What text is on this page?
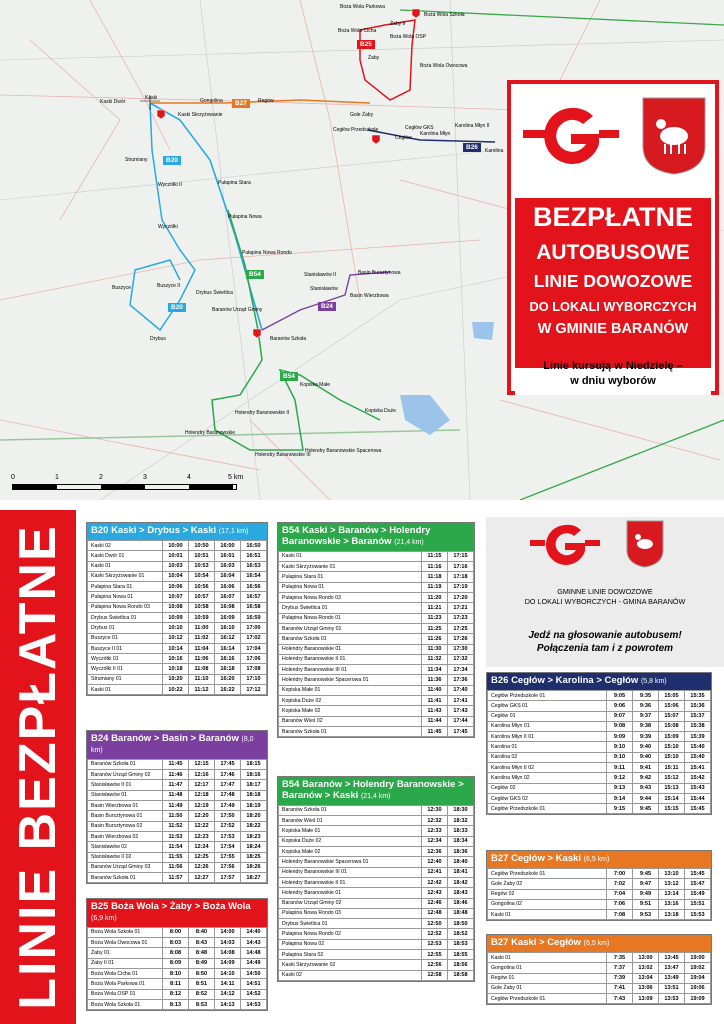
B20
B20	B24
B25
B26
B27
B54
B54
Boża Wola Parkowa
Boża Wola Szkoła
Boża Wola Cicha
Żaby II
Boża Wola OSP
Żaby
Boża Wola Owocowa
Kaski Dwór
Kaski
Kaski Skrzyżowanie
Gongolina	Regów
Gole Żaby
Cegłów Przedszkole	Cegłów GKS
Cegłów
Karolina Młyn
Karolina Młyn II
Karolina
Strumiany
Wyczółki II	Pułapina Stara
Pułapina Nowa
Wyczółki
Pułapina Nowa Rondo
Buszyce	Buszyce II
Drybus Świetlica
Drybus
Baranów Urząd Gminy
Stanisławów II
Stanisławów
Basin Bursztynowa
Basin Wierzbowa
Baranów Szkoła
Kopiska Małe
Kopiska Duże
Holendry Baranowskie II
Holendry Baranowskie
Holendry Baranowskie III
Holendry Baranowskie Spacerowa
0	1	2	3	4	5 km
BEZPŁATNE
AUTOBUSOWE
LINIE DOWOZOWE
DO LOKALI WYBORCZYCH
W GMINIE BARANÓW
Linie kursują w Niedzielę –
w dniu wyborów
LINIE BEZPŁATNE	GMINNE LINIE DOWOZOWE
DO LOKALI WYBORCZYCH - GMINA BARANÓW
Jedź na głosowanie autobusem!
Połączenia tam i z powrotem
B20 Kaski > Drybus > Kaski (17,1 km)
Kaski 02	10:00	10:50	16:00	16:50
Kaski Dwór 01	10:01	10:51	16:01	16:51
Kaski 01	10:03	10:53	16:03	16:53
Kaski Skrzyżowanie 01	10:04	10:54	16:04	16:54
Pułapina Stara 01	10:06	10:56	16:06	16:56
Pułapina Nowa 01	10:07	10:57	16:07	16:57
Pułapina Nowa Rondo 03	10:08	10:58	16:08	16:58
Drybus Świetlica 01	10:09	10:59	16:09	16:59
Drybus 01	10:10	11:00	16:10	17:00
Buszyce 01	10:12	11:02	16:12	17:02
Buszyce II 01	10:14	11:04	16:14	17:04
Wyczółki 01	10:16	11:06	16:16	17:06
Wyczółki II 01	10:18	11:08	16:18	17:08
Strumiany 01	10:20	11:10	16:20	17:10
Kaski 01	10:22	11:12	16:22	17:12
B24 Baranów > Basin > Baranów (8,0 km)
Baranów Szkoła 01	11:45	12:15	17:45	18:15
Baranów Urząd Gminy 02	11:46	12:16	17:46	18:16
Stanisławów II 01	11:47	12:17	17:47	18:17
Stanisławów 01	11:48	12:18	17:48	18:18
Basin Wierzbowa 01	11:49	12:19	17:49	18:19
Basin Bursztynowa 01	11:50	12:20	17:50	18:20
Basin Bursztynowa 02	11:52	12:22	17:52	18:22
Basin Wierzbowa 02	11:53	12:23	17:53	18:23
Stanisławów 02	11:54	12:24	17:54	18:24
Stanisławów II 02	11:55	12:25	17:55	18:25
Baranów Urząd Gminy 03	11:56	12:26	17:56	18:26
Baranów Szkoła 01	11:57	12:27	17:57	18:27
B25 Boża Wola > Żaby > Boża Wola (6,9 km)
Boża Wola Szkoła 01	8:00	8:40	14:00	14:40
Boża Wola Owocowa 01	8:03	8:43	14:03	14:43
Żaby 01	8:08	8:48	14:08	14:48
Żaby II 01	8:09	8:49	14:09	14:49
Boża Wola Cicha 01	8:10	8:50	14:10	14:50
Boża Wola Parkowa 01	8:11	8:51	14:11	14:51
Boża Wola OSP 01	8:12	8:52	14:12	14:52
Boża Wola Szkoła 01	8:13	8:53	14:13	14:53
B54 Kaski > Baranów > Holendry Baranowskie > Baranów (21,4 km)
Kaski 01	11:15	17:15
Kaski Skrzyżowanie 01	11:16	17:16
Pułapina Stara 01	11:18	17:18
Pułapina Nowa 01	11:19	17:19
Pułapina Nowa Rondo 03	11:20	17:20
Drybus Świetlica 01	11:21	17:21
Pułapina Nowa Rondo 01	11:23	17:23
Baranów Urząd Gminy 01	11:25	17:25
Baranów Szkoła 01	11:26	17:26
Holendry Baranowskie 01	11:30	17:30
Holendry Baranowskie II 01	11:32	17:32
Holendry Baranowskie III 01	11:34	17:34
Holendry Baranowskie Spacerowa 01	11:36	17:36
Kopiska Małe 01	11:40	17:40
Kopiska Duże 02	11:41	17:41
Kopiska Małe 02	11:43	17:43
Baranów Wieś 02	11:44	17:44
Baranów Szkoła 01	11:45	17:45
B54 Baranów > Holendry Baranowskie > Baranów > Kaski (21,4 km)
Baranów Szkoła 01	12:30	18:30
Baranów Wieś 01	12:32	18:32
Kopiska Małe 01	12:33	18:33
Kopiska Duże 02	12:34	18:34
Kopiska Małe 02	12:36	18:36
Holendry Baranowskie Spacerowa 01	12:40	18:40
Holendry Baranowskie III 01	12:41	18:41
Holendry Baranowskie II 01	12:42	18:42
Holendry Baranowskie 01	12:43	18:43
Baranów Urząd Gminy 02	12:46	18:46
Pułapina Nowa Rondo 03	12:48	18:48
Drybus Świetlica 01	12:50	18:50
Pułapina Nowa Rondo 02	12:52	18:52
Pułapina Nowa 02	12:53	18:53
Pułapina Stara 02	12:55	18:55
Kaski Skrzyżowanie 02	12:56	18:56
Kaski 02	12:58	18:58
B26 Cegłów > Karolina > Cegłów (5,8 km)
Cegłów Przedszkole 01	9:05	9:35	15:05	15:35
Cegłów GKS 01	9:06	9:36	15:06	15:36
Cegłów 01	9:07	9:37	15:07	15:37
Karolina Młyn 01	9:08	9:38	15:08	15:38
Karolina Młyn II 01	9:09	9:39	15:09	15:39
Karolina 01	9:10	9:40	15:10	15:40
Karolina 02	9:10	9:40	15:10	15:40
Karolina Młyn II 02	9:11	9:41	15:11	15:41
Karolina Młyn 02	9:12	9:42	15:12	15:42
Cegłów 02	9:13	9:43	15:13	15:43
Cegłów GKS 02	9:14	9:44	15:14	15:44
Cegłów Przedszkole 01	9:15	9:45	15:15	15:45
B27 Cegłów > Kaski (6,5 km)
Cegłów Przedszkole 01	7:00	9:45	13:10	15:45
Gole Żaby 02	7:02	9:47	13:12	15:47
Regów 02	7:04	9:49	13:14	15:49
Gongolina 02	7:06	9:51	13:16	15:51
Kaski 01	7:08	9:53	13:18	15:53
B27 Kaski > Cegłów (6,5 km)
Kaski 01	7:35	13:00	13:45	19:00
Gongolina 01	7:37	13:02	13:47	19:02
Regów 01	7:39	13:04	13:49	19:04
Gole Żaby 01	7:41	13:06	13:51	19:06
Cegłów Przedszkole 01	7:43	13:09	13:53	19:09
